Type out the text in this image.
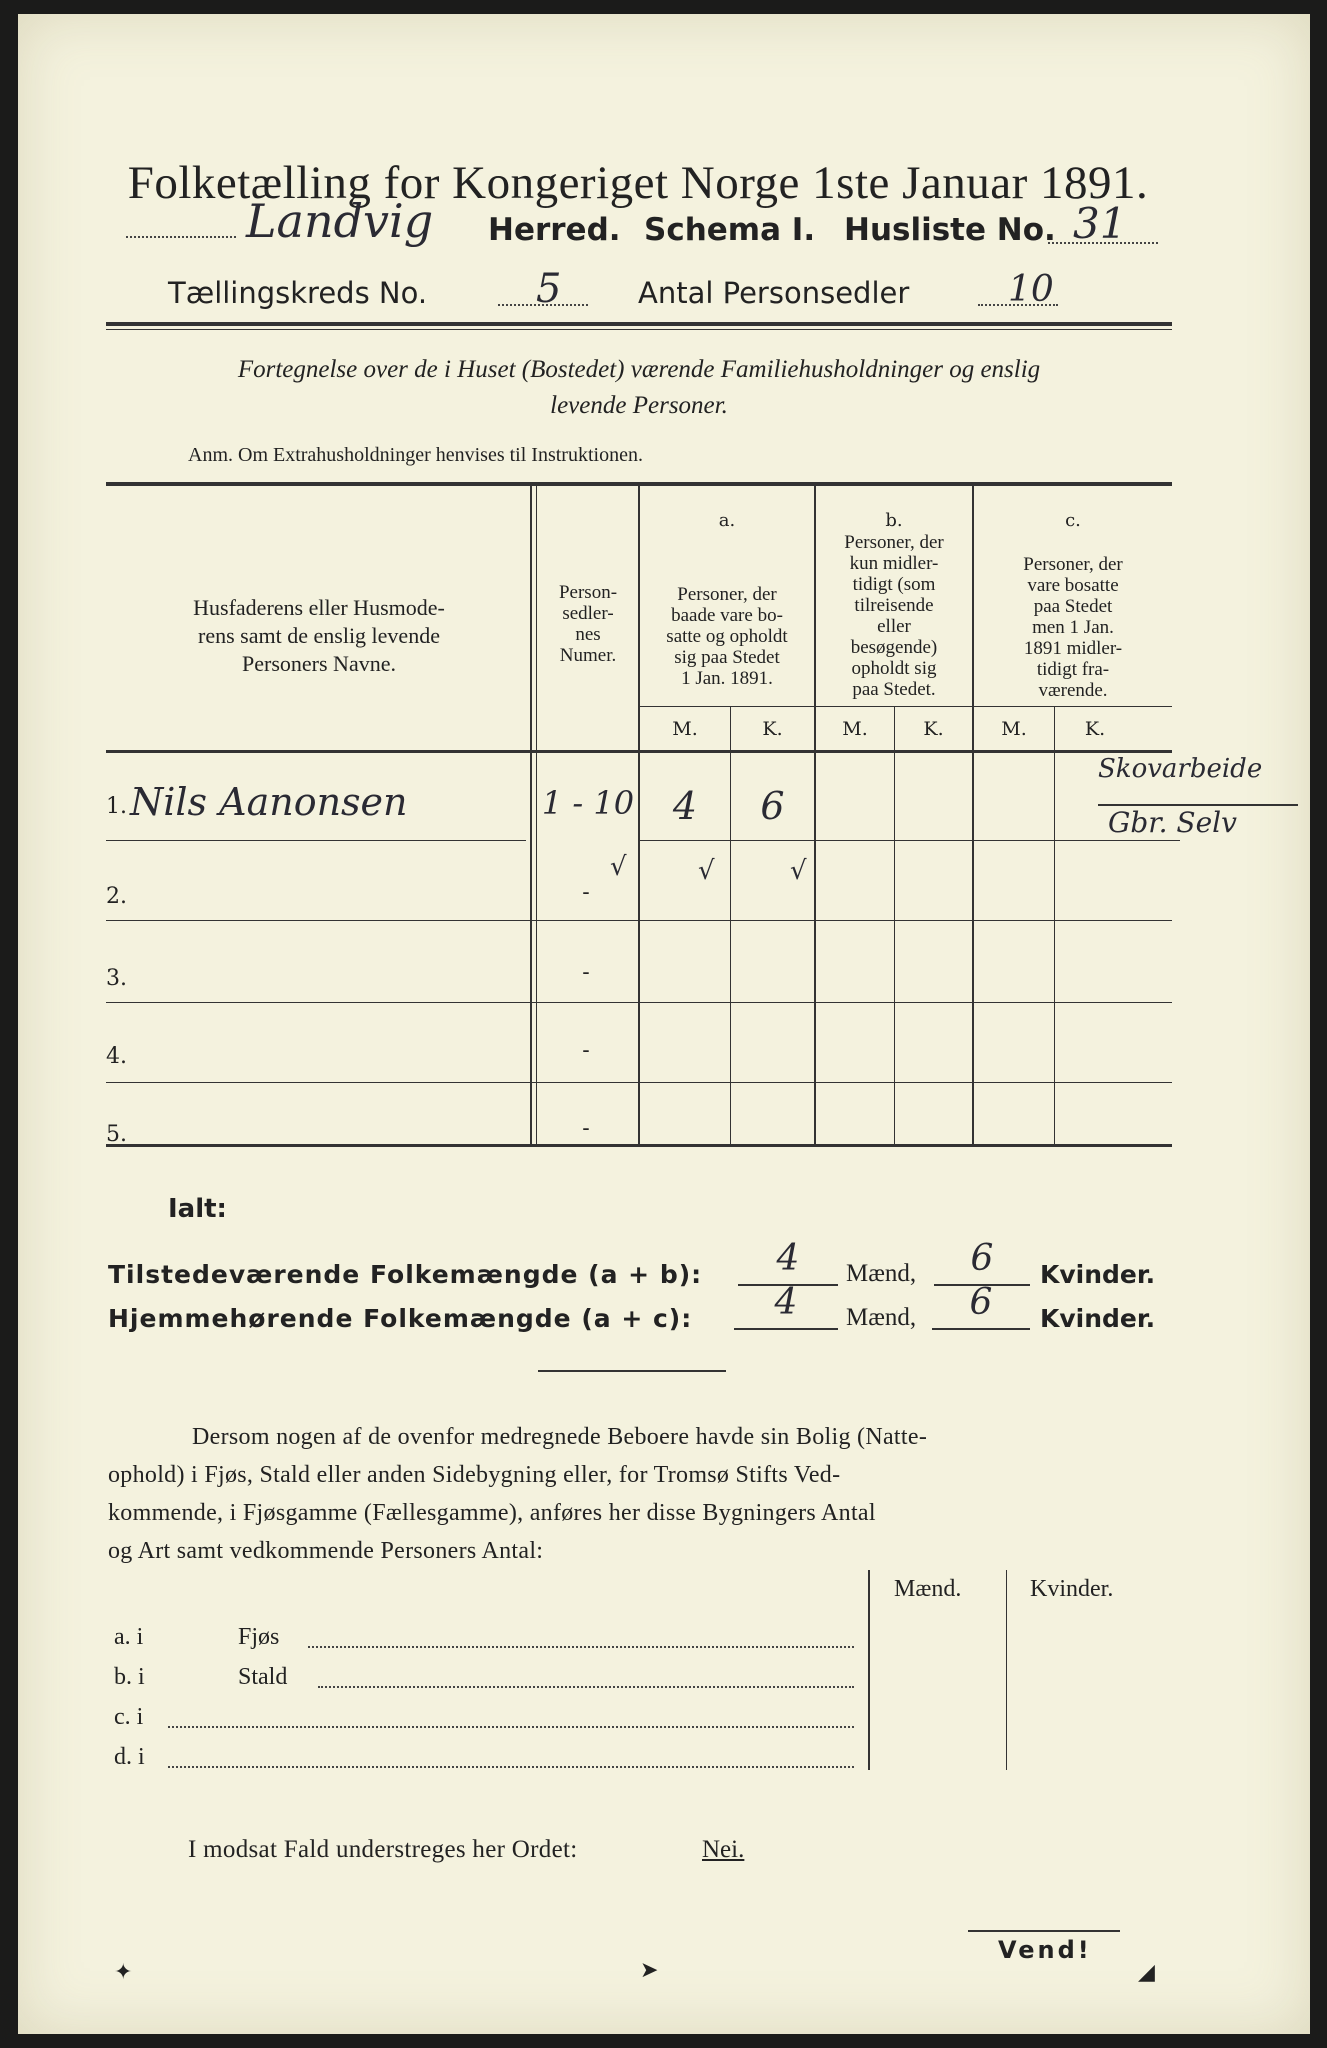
Folketælling for Kongeriget Norge 1ste Januar 1891.
Landvig Herred. Schema I. Husliste No. 31
Tællingskreds No.	5	Antal Personsedler	10
Fortegnelse over de i Huset (Bostedet) værende Familiehusholdninger og enslig
levende Personer.
Anm. Om Extrahusholdninger henvises til Instruktionen.
Husfaderens eller Husmode-
rens samt de enslig levende
Personers Navne.
Person-
sedler-
nes
Numer.
a.
Personer, der
baade vare bo-
satte og opholdt
sig paa Stedet
1 Jan. 1891.
b.
Personer, der
kun midler-
tidigt (som
tilreisende
eller
besøgende)
opholdt sig
paa Stedet.
c.
Personer, der
vare bosatte
paa Stedet
men 1 Jan.
1891 midler-
tidigt fra-
værende.
M.	K.	M.	K.	M.	K.
1. Nils Aanonsen	1 - 10	4	6
Skovarbeide
Gbr. Selv
√	√	√
2.	-
3.	-
4.	-
5.	-
Ialt:
Tilstedeværende Folkemængde (a + b):	4	Mænd,	6	Kvinder.
Hjemmehørende Folkemængde (a + c):	4	Mænd,	6	Kvinder.
Dersom nogen af de ovenfor medregnede Beboere havde sin Bolig (Natte-
ophold) i Fjøs, Stald eller anden Sidebygning eller, for Tromsø Stifts Ved-
kommende, i Fjøsgamme (Fællesgamme), anføres her disse Bygningers Antal
og Art samt vedkommende Personers Antal:
Mænd.	Kvinder.
a. i	Fjøs
b. i	Stald
c. i
d. i
I modsat Fald understreges her Ordet:	Nei.
Vend!
✦	➤	◢
